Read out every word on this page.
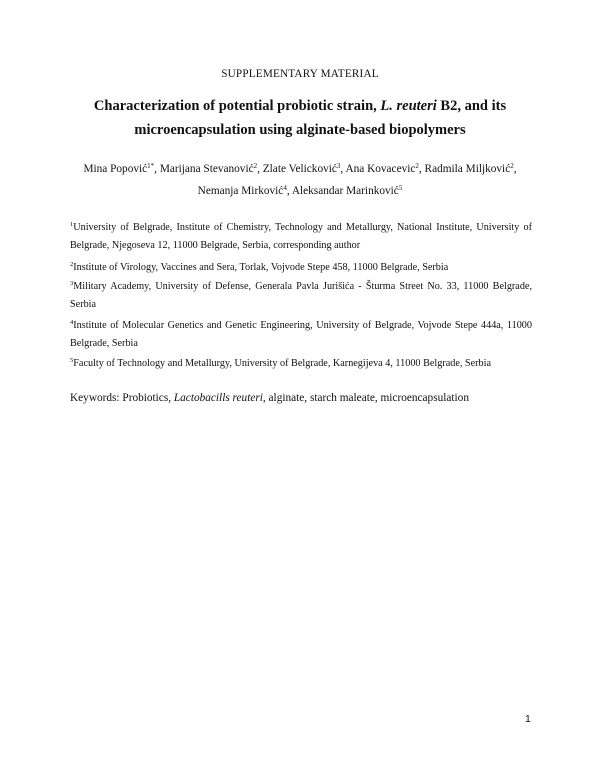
SUPPLEMENTARY MATERIAL
Characterization of potential probiotic strain, L. reuteri B2, and its
microencapsulation using alginate-based biopolymers
Mina Popović$^{1*}$, Marijana Stevanović$^2$, Zlate Velicković$^3$, Ana Kovacevic$^2$, Radmila Miljković$^2$,
Nemanja Mirković$^4$, Aleksandar Marinković$^5$
$^1$University of Belgrade, Institute of Chemistry, Technology and Metallurgy, National Institute, University of Belgrade, Njegoseva 12, 11000 Belgrade, Serbia, corresponding author
$^2$Institute of Virology, Vaccines and Sera, Torlak, Vojvode Stepe 458, 11000 Belgrade, Serbia
$^3$Military Academy, University of Defense, Generala Pavla Jurišića - Šturma Street No. 33, 11000 Belgrade, Serbia
$^4$Institute of Molecular Genetics and Genetic Engineering, University of Belgrade, Vojvode Stepe 444a, 11000 Belgrade, Serbia
$^5$Faculty of Technology and Metallurgy, University of Belgrade, Karnegijeva 4, 11000 Belgrade, Serbia
Keywords: Probiotics, Lactobacills reuteri, alginate, starch maleate, microencapsulation
1
